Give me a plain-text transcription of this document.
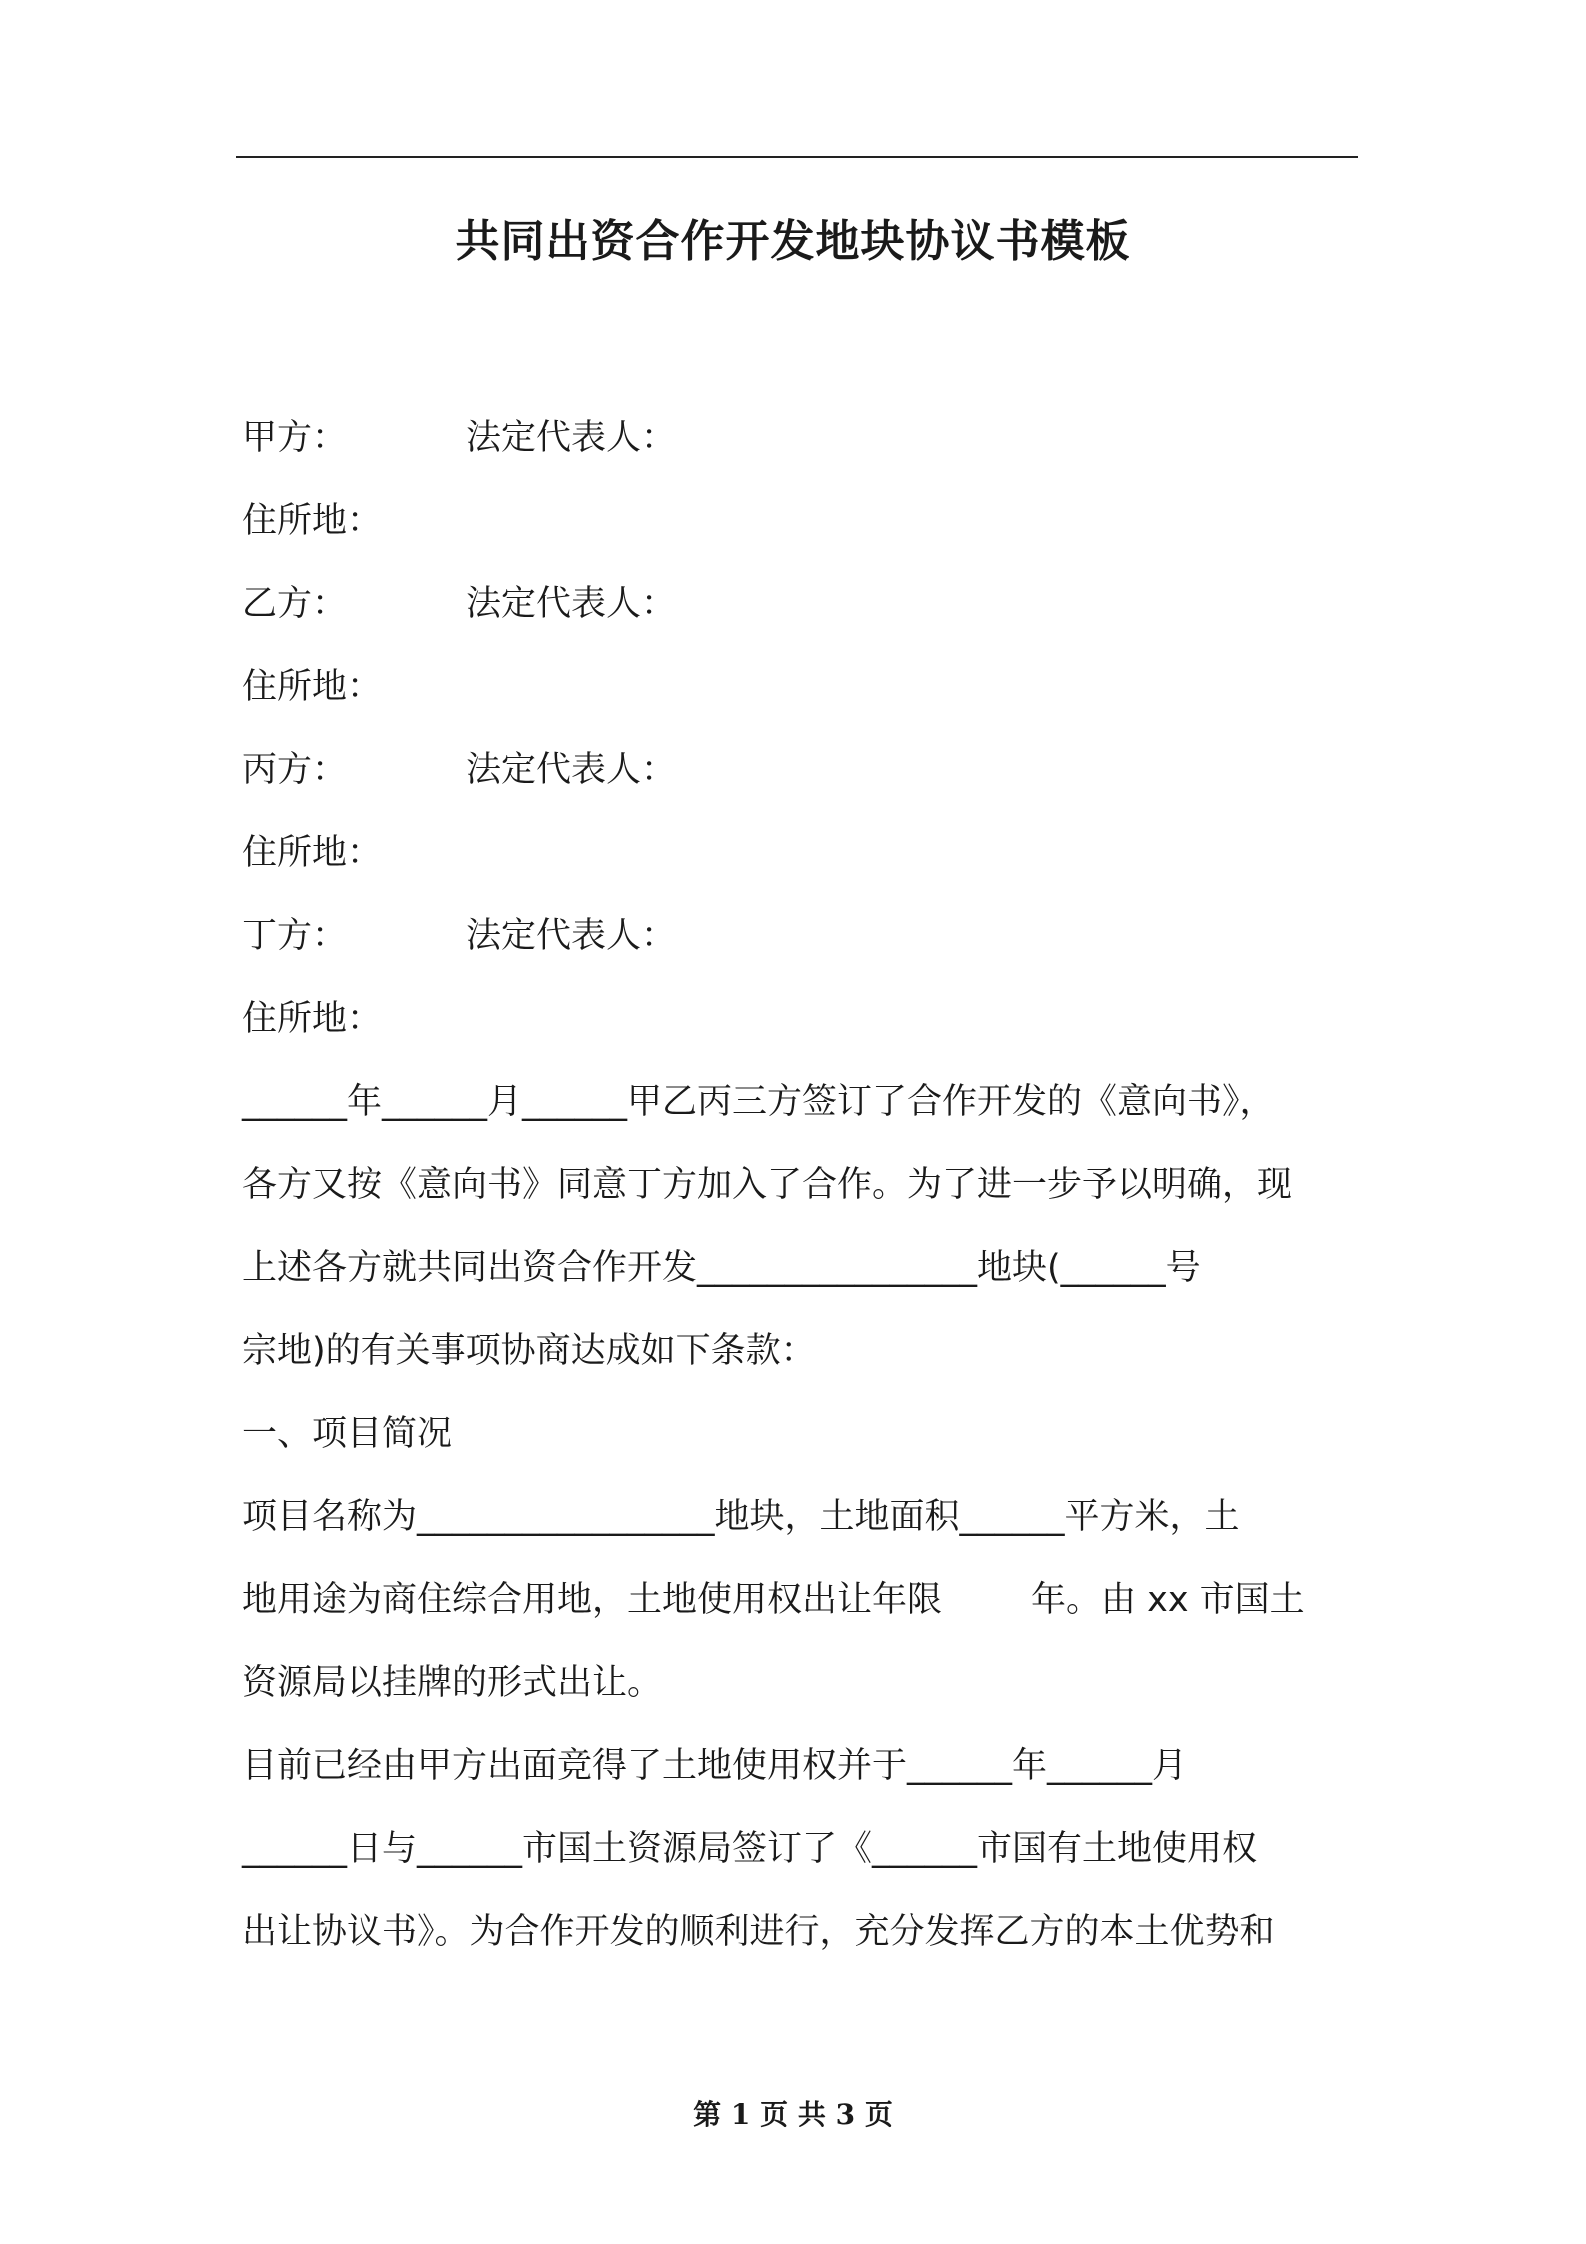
共同出资合作开发地块协议书模板
甲方：	法定代表人：
住所地：
乙方：	法定代表人：
住所地：
丙方：	法定代表人：
住所地：
丁方：	法定代表人：
住所地：
______年______月______甲乙丙三方签订了合作开发的《意向书》，
各方又按《意向书》同意丁方加入了合作。为了进一步予以明确，现
上述各方就共同出资合作开发________________地块(______号
宗地)的有关事项协商达成如下条款：
一、项目简况
项目名称为_________________地块，土地面积______平方米，土
地用途为商住综合用地，土地使用权出让年限        年。由 xx 市国土
资源局以挂牌的形式出让。
目前已经由甲方出面竞得了土地使用权并于______年______月
______日与______市国土资源局签订了《______市国有土地使用权
出让协议书》。为合作开发的顺利进行，充分发挥乙方的本土优势和
第 1 页 共 3 页
